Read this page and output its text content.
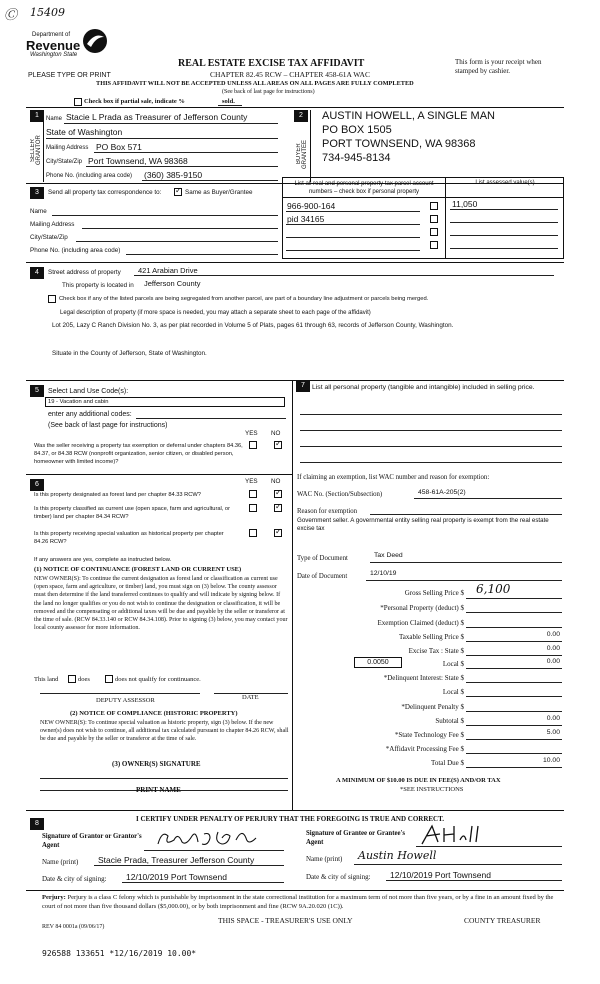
Ⓒ 15409
Department of
Revenue
Washington State
PLEASE TYPE OR PRINT
REAL ESTATE EXCISE TAX AFFIDAVIT
CHAPTER 82.45 RCW – CHAPTER 458-61A WAC
THIS AFFIDAVIT WILL NOT BE ACCEPTED UNLESS ALL AREAS ON ALL PAGES ARE FULLY COMPLETED
(See back of last page for instructions)
This form is your receipt when stamped by cashier.
Check box if partial sale, indicate %	sold.
1
SELLER GRANTOR
Name Stacie L Prada as Treasurer of Jefferson County
State of Washington
Mailing Address PO Box 571
City/State/Zip Port Townsend, WA 98368
Phone No. (including area code) (360) 385-9150
2
BUYER GRANTEE
AUSTIN HOWELL, A SINGLE MAN
PO BOX 1505
PORT TOWNSEND, WA 98368
734-945-8134
3	Send all property tax correspondence to:
✓	Same as Buyer/Grantee
Name
Mailing Address
City/State/Zip
Phone No. (including area code)
List all real and personal property tax parcel account numbers – check box if personal property
List assessed value(s)
966-900-164	11,050
pid 34165
4	Street address of property 421 Arabian Drive
This property is located in Jefferson County
Check box if any of the listed parcels are being segregated from another parcel, are part of a boundary line adjustment or parcels being merged.
Legal description of property (if more space is needed, you may attach a separate sheet to each page of the affidavit)
Lot 205, Lazy C Ranch Division No. 3, as per plat recorded in Volume 5 of Plats, pages 61 through 63, records of Jefferson County, Washington.
Situate in the County of Jefferson, State of Washington.
5	Select Land Use Code(s):
19 - Vacation and cabin
enter any additional codes:
(See back of last page for instructions)
YES NO
Was the seller receiving a property tax exemption or deferral under chapters 84.36, 84.37, or 84.38 RCW (nonprofit organization, senior citizen, or disabled person, homeowner with limited income)?
✓
6	YES NO
Is this property designated as forest land per chapter 84.33 RCW?
✓
Is this property classified as current use (open space, farm and agricultural, or timber) land per chapter 84.34 RCW?
✓
Is this property receiving special valuation as historical property per chapter 84.26 RCW?
✓
If any answers are yes, complete as instructed below.
(1) NOTICE OF CONTINUANCE (FOREST LAND OR CURRENT USE)
NEW OWNER(S): To continue the current designation as forest land or classification as current use (open space, farm and agriculture, or timber) land, you must sign on (3) below. The county assessor must then determine if the land transferred continues to qualify and will indicate by signing below. If the land no longer qualifies or you do not wish to continue the designation or classification, it will be removed and the compensating or additional taxes will be due and payable by the seller or transferor at the time of sale. (RCW 84.33.140 or RCW 84.34.108). Prior to signing (3) below, you may contact your local county assessor for more information.
This land	does	does not qualify for continuance.
DEPUTY ASSESSOR	DATE
(2) NOTICE OF COMPLIANCE (HISTORIC PROPERTY)
NEW OWNER(S): To continue special valuation as historic property, sign (3) below. If the new owner(s) does not wish to continue, all additional tax calculated pursuant to chapter 84.26 RCW, shall be due and payable by the seller or transferor at the time of sale.
(3) OWNER(S) SIGNATURE
PRINT NAME
7	List all personal property (tangible and intangible) included in selling price.
If claiming an exemption, list WAC number and reason for exemption:
WAC No. (Section/Subsection)	458-61A-205(2)
Reason for exemption
Government seller. A governmental entity selling real property is exempt from the real estate excise tax
Type of Document	Tax Deed
Date of Document	12/10/19
Gross Selling Price $ 6,100
*Personal Property (deduct) $
Exemption Claimed (deduct) $
Taxable Selling Price $	0.00
Excise Tax : State $	0.00
0.0050	Local $	0.00
*Delinquent Interest: State $
Local $
*Delinquent Penalty $
Subtotal $	0.00
*State Technology Fee $	5.00
*Affidavit Processing Fee $
Total Due $	10.00
A MINIMUM OF $10.00 IS DUE IN FEE(S) AND/OR TAX
*SEE INSTRUCTIONS
8
I CERTIFY UNDER PENALTY OF PERJURY THAT THE FOREGOING IS TRUE AND CORRECT.
Signature of Grantor or Grantor's Agent
Name (print) Stacie Prada, Treasurer Jefferson County
Date & city of signing: 12/10/2019 Port Townsend
Signature of Grantee or Grantee's Agent
Name (print) Austin Howell
Date & city of signing: 12/10/2019 Port Townsend
Perjury: Perjury is a class C felony which is punishable by imprisonment in the state correctional institution for a maximum term of not more than five years, or by a fine in an amount fixed by the court of not more than five thousand dollars ($5,000.00), or by both imprisonment and fine (RCW 9A.20.020 (1C)).
REV 84 0001a (09/06/17)
THIS SPACE - TREASURER'S USE ONLY	COUNTY TREASURER
926588 133651 *12/16/2019 10.00*
